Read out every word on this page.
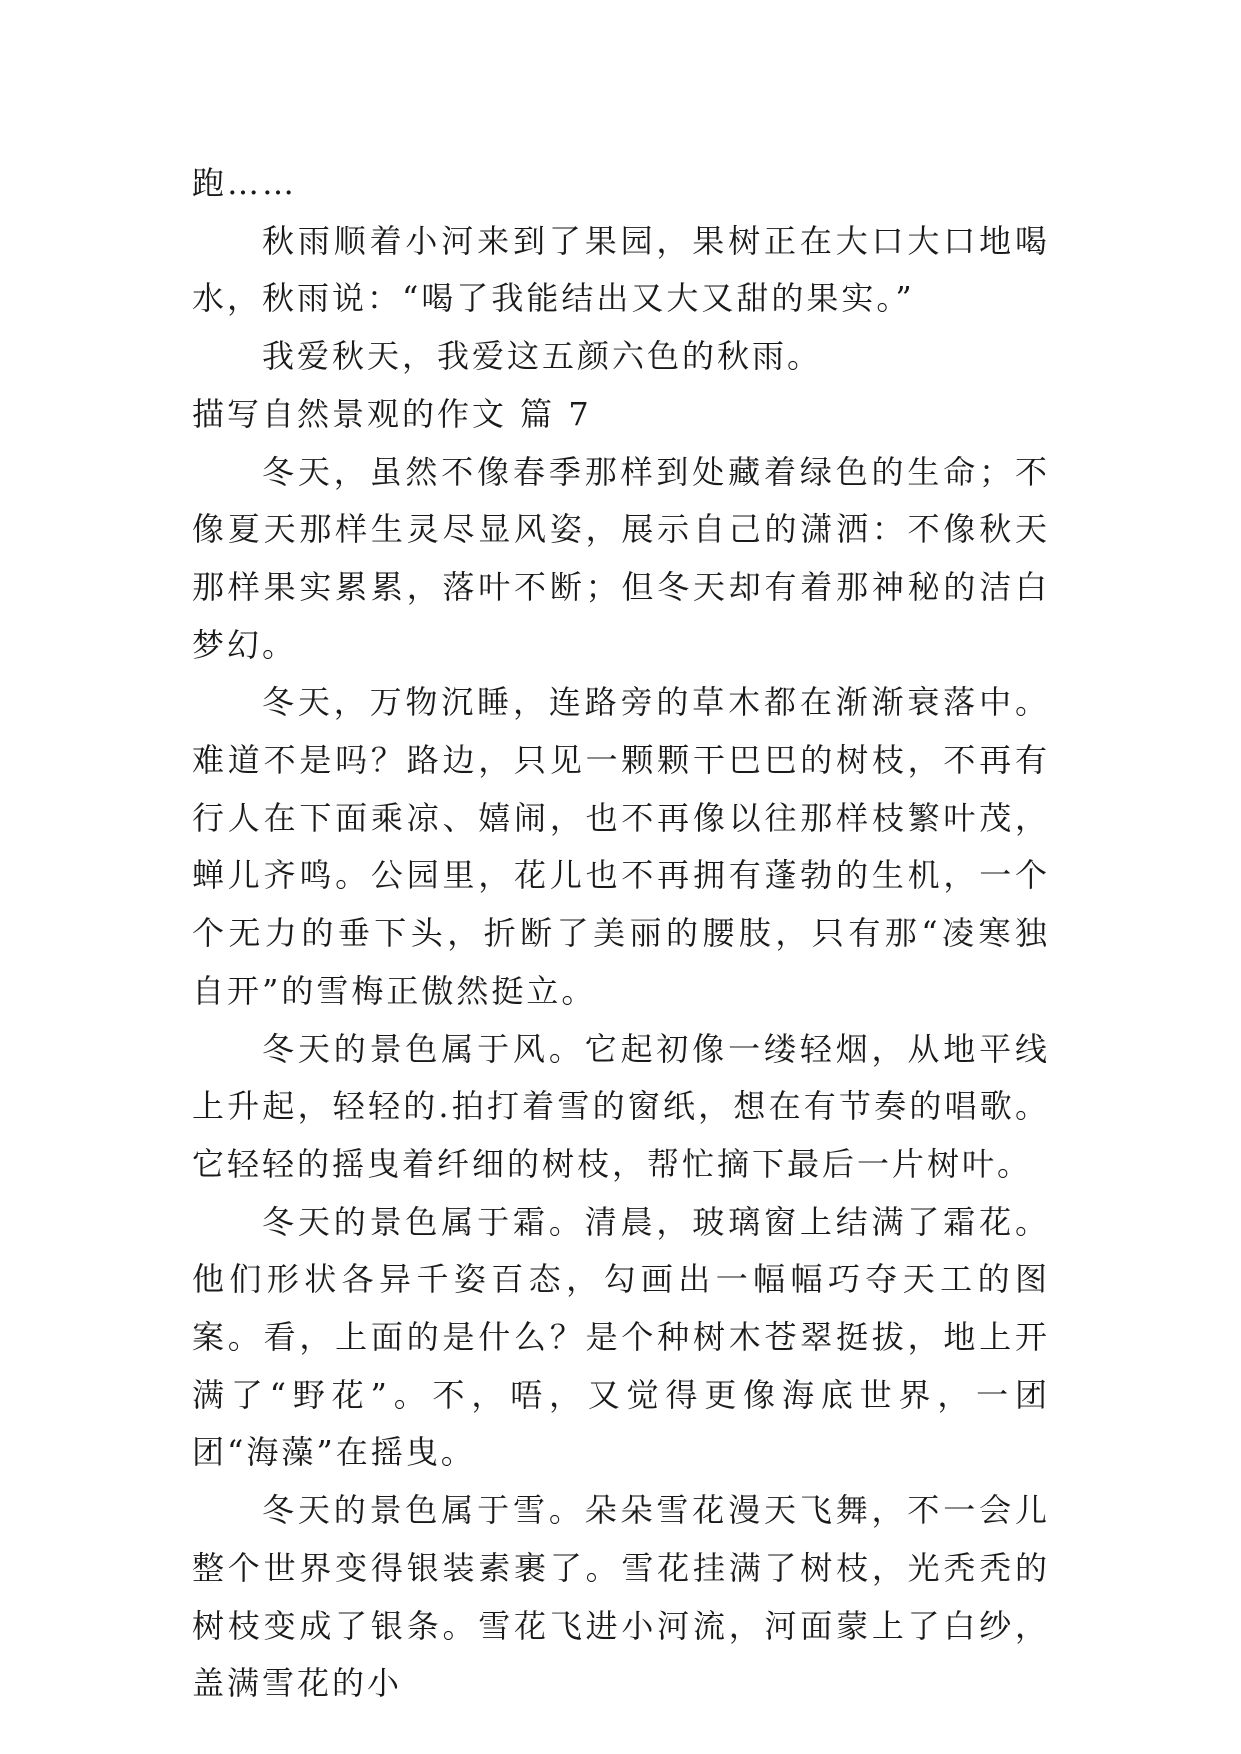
跑……

秋雨顺着小河来到了果园，果树正在大口大口地喝水，秋雨说：“喝了我能结出又大又甜的果实。”

我爱秋天，我爱这五颜六色的秋雨。

描写自然景观的作文 篇 7

冬天，虽然不像春季那样到处藏着绿色的生命；不像夏天那样生灵尽显风姿，展示自己的潇洒：不像秋天那样果实累累，落叶不断；但冬天却有着那神秘的洁白梦幻。

冬天，万物沉睡，连路旁的草木都在渐渐衰落中。难道不是吗？路边，只见一颗颗干巴巴的树枝，不再有行人在下面乘凉、嬉闹，也不再像以往那样枝繁叶茂，蝉儿齐鸣。公园里，花儿也不再拥有蓬勃的生机，一个个无力的垂下头，折断了美丽的腰肢，只有那“凌寒独自开”的雪梅正傲然挺立。

冬天的景色属于风。它起初像一缕轻烟，从地平线上升起，轻轻的.拍打着雪的窗纸，想在有节奏的唱歌。它轻轻的摇曳着纤细的树枝，帮忙摘下最后一片树叶。

冬天的景色属于霜。清晨，玻璃窗上结满了霜花。他们形状各异千姿百态，勾画出一幅幅巧夺天工的图案。看，上面的是什么？是个种树木苍翠挺拔，地上开满了“野花”。不，唔，又觉得更像海底世界，一团团“海藻”在摇曳。

冬天的景色属于雪。朵朵雪花漫天飞舞，不一会儿整个世界变得银装素裹了。雪花挂满了树枝，光秃秃的树枝变成了银条。雪花飞进小河流，河面蒙上了白纱，盖满雪花的小
